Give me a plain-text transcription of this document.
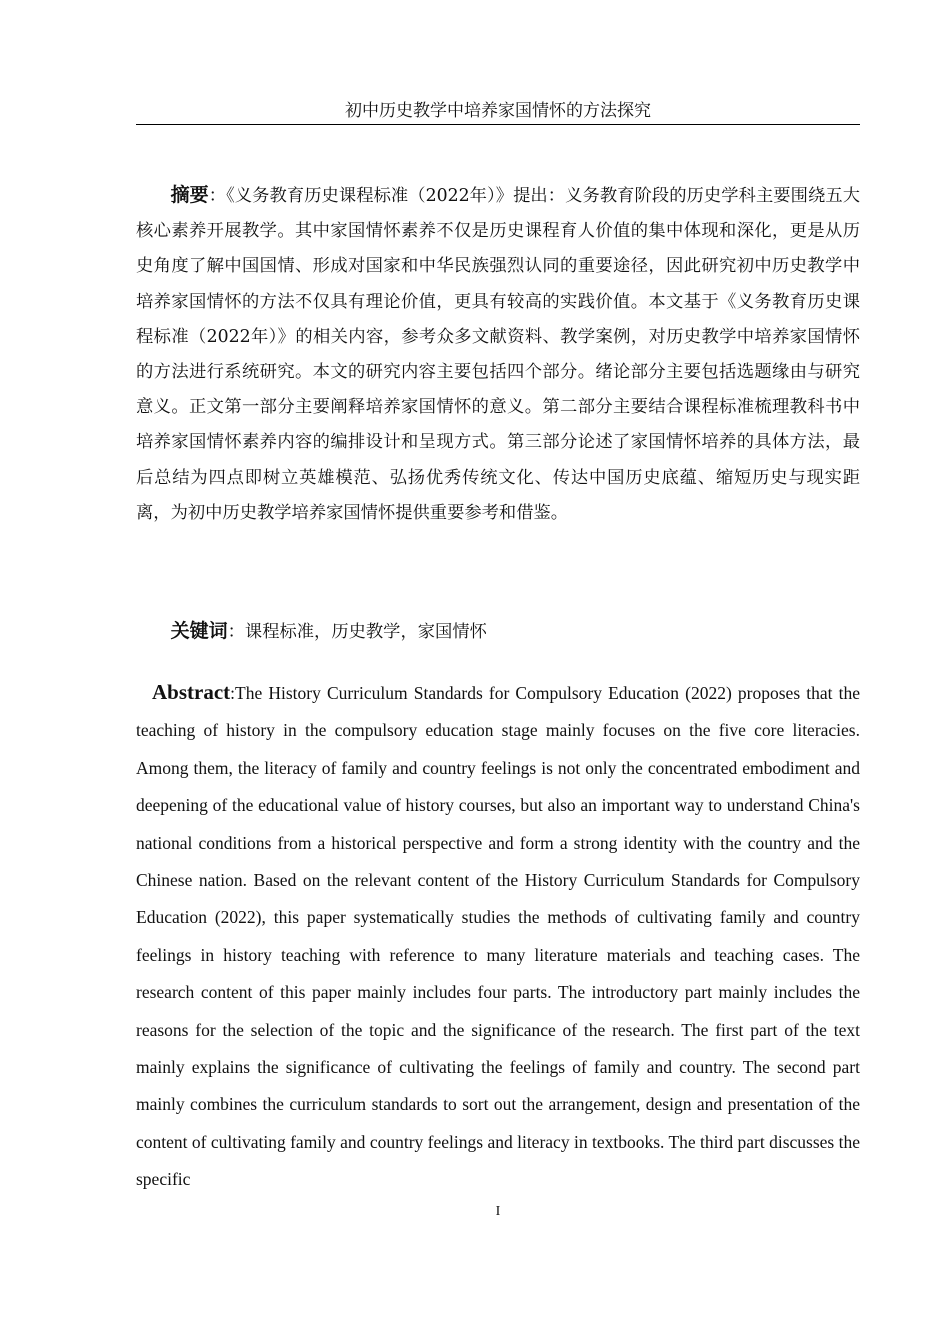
初中历史教学中培养家国情怀的方法探究

摘要：《义务教育历史课程标准（2022年）》提出：义务教育阶段的历史学科主要围绕五大核心素养开展教学。其中家国情怀素养不仅是历史课程育人价值的集中体现和深化，更是从历史角度了解中国国情、形成对国家和中华民族强烈认同的重要途径，因此研究初中历史教学中培养家国情怀的方法不仅具有理论价值，更具有较高的实践价值。本文基于《义务教育历史课程标准（2022年）》的相关内容，参考众多文献资料、教学案例，对历史教学中培养家国情怀的方法进行系统研究。本文的研究内容主要包括四个部分。绪论部分主要包括选题缘由与研究意义。正文第一部分主要阐释培养家国情怀的意义。第二部分主要结合课程标准梳理教科书中培养家国情怀素养内容的编排设计和呈现方式。第三部分论述了家国情怀培养的具体方法，最后总结为四点即树立英雄模范、弘扬优秀传统文化、传达中国历史底蕴、缩短历史与现实距离，为初中历史教学培养家国情怀提供重要参考和借鉴。

关键词：课程标准，历史教学，家国情怀

Abstract:The History Curriculum Standards for Compulsory Education (2022) proposes that the teaching of history in the compulsory education stage mainly focuses on the five core literacies. Among them, the literacy of family and country feelings is not only the concentrated embodiment and deepening of the educational value of history courses, but also an important way to understand China's national conditions from a historical perspective and form a strong identity with the country and the Chinese nation. Based on the relevant content of the History Curriculum Standards for Compulsory Education (2022), this paper systematically studies the methods of cultivating family and country feelings in history teaching with reference to many literature materials and teaching cases. The research content of this paper mainly includes four parts. The introductory part mainly includes the reasons for the selection of the topic and the significance of the research. The first part of the text mainly explains the significance of cultivating the feelings of family and country. The second part mainly combines the curriculum standards to sort out the arrangement, design and presentation of the content of cultivating family and country feelings and literacy in textbooks. The third part discusses the specific

I
